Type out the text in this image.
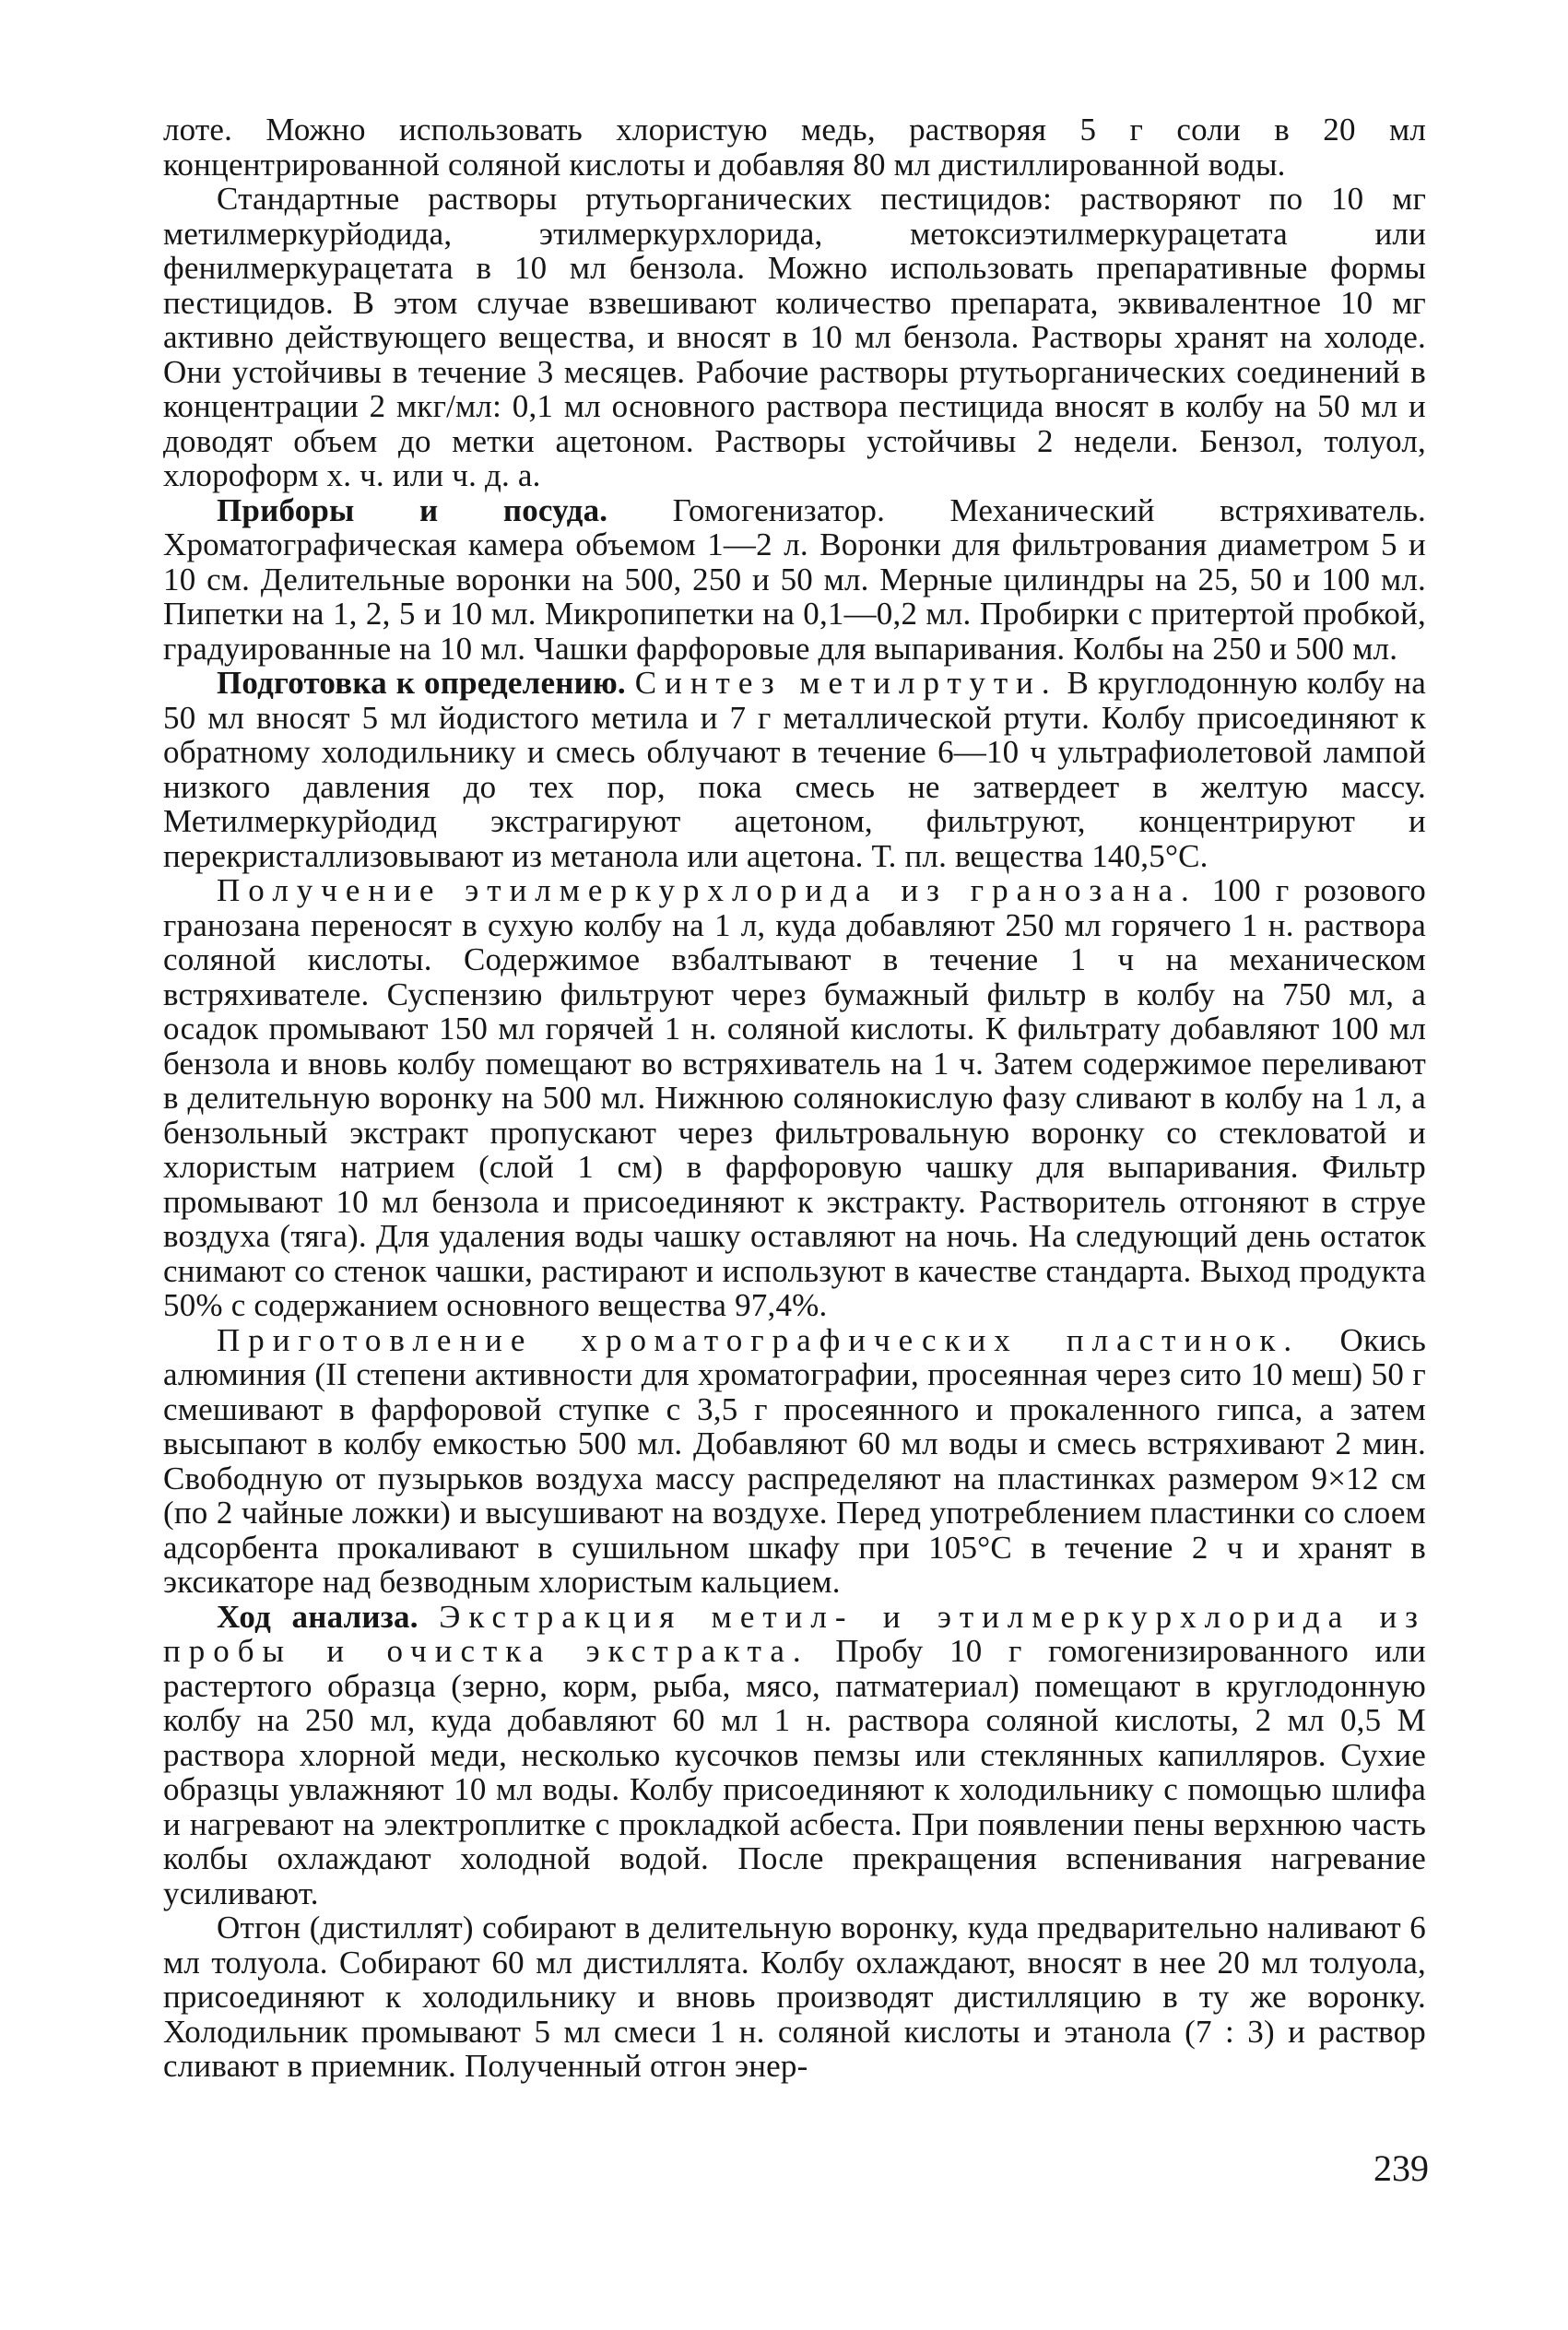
лоте. Можно использовать хлористую медь, растворяя 5 г соли в 20 мл концентрированной соляной кислоты и добавляя 80 мл дистиллированной воды.

Стандартные растворы ртутьорганических пестицидов: растворяют по 10 мг метилмеркурйодида, этилмеркурхлорида, метоксиэтилмеркурацетата или фенилмеркурацетата в 10 мл бензола. Можно использовать препаративные формы пестицидов. В этом случае взвешивают количество препарата, эквивалентное 10 мг активно действующего вещества, и вносят в 10 мл бензола. Растворы хранят на холоде. Они устойчивы в течение 3 месяцев. Рабочие растворы ртутьорганических соединений в концентрации 2 мкг/мл: 0,1 мл основного раствора пестицида вносят в колбу на 50 мл и доводят объем до метки ацетоном. Растворы устойчивы 2 недели. Бензол, толуол, хлороформ х. ч. или ч. д. а.

Приборы и посуда. Гомогенизатор. Механический встряхиватель. Хроматографическая камера объемом 1—2 л. Воронки для фильтрования диаметром 5 и 10 см. Делительные воронки на 500, 250 и 50 мл. Мерные цилиндры на 25, 50 и 100 мл. Пипетки на 1, 2, 5 и 10 мл. Микропипетки на 0,1—0,2 мл. Пробирки с притертой пробкой, градуированные на 10 мл. Чашки фарфоровые для выпаривания. Колбы на 250 и 500 мл.

Подготовка к определению. Синтез метилртути. В круглодонную колбу на 50 мл вносят 5 мл йодистого метила и 7 г металлической ртути. Колбу присоединяют к обратному холодильнику и смесь облучают в течение 6—10 ч ультрафиолетовой лампой низкого давления до тех пор, пока смесь не затвердеет в желтую массу. Метилмеркурйодид экстрагируют ацетоном, фильтруют, концентрируют и перекристаллизовывают из метанола или ацетона. Т. пл. вещества 140,5°С.

Получение этилмеркурхлорида из гранозана. 100 г розового гранозана переносят в сухую колбу на 1 л, куда добавляют 250 мл горячего 1 н. раствора соляной кислоты. Содержимое взбалтывают в течение 1 ч на механическом встряхивателе. Суспензию фильтруют через бумажный фильтр в колбу на 750 мл, а осадок промывают 150 мл горячей 1 н. соляной кислоты. К фильтрату добавляют 100 мл бензола и вновь колбу помещают во встряхиватель на 1 ч. Затем содержимое переливают в делительную воронку на 500 мл. Нижнюю солянокислую фазу сливают в колбу на 1 л, а бензольный экстракт пропускают через фильтровальную воронку со стекловатой и хлористым натрием (слой 1 см) в фарфоровую чашку для выпаривания. Фильтр промывают 10 мл бензола и присоединяют к экстракту. Растворитель отгоняют в струе воздуха (тяга). Для удаления воды чашку оставляют на ночь. На следующий день остаток снимают со стенок чашки, растирают и используют в качестве стандарта. Выход продукта 50% с содержанием основного вещества 97,4%.

Приготовление хроматографических пластинок. Окись алюминия (II степени активности для хроматографии, просеянная через сито 10 меш) 50 г смешивают в фарфоровой ступке с 3,5 г просеянного и прокаленного гипса, а затем высыпают в колбу емкостью 500 мл. Добавляют 60 мл воды и смесь встряхивают 2 мин. Свободную от пузырьков воздуха массу распределяют на пластинках размером 9×12 см (по 2 чайные ложки) и высушивают на воздухе. Перед употреблением пластинки со слоем адсорбента прокаливают в сушильном шкафу при 105°С в течение 2 ч и хранят в эксикаторе над безводным хлористым кальцием.

Ход анализа. Экстракция метил- и этилмеркурхлорида из пробы и очистка экстракта. Пробу 10 г гомогенизированного или растертого образца (зерно, корм, рыба, мясо, патматериал) помещают в круглодонную колбу на 250 мл, куда добавляют 60 мл 1 н. раствора соляной кислоты, 2 мл 0,5 М раствора хлорной меди, несколько кусочков пемзы или стеклянных капилляров. Сухие образцы увлажняют 10 мл воды. Колбу присоединяют к холодильнику с помощью шлифа и нагревают на электроплитке с прокладкой асбеста. При появлении пены верхнюю часть колбы охлаждают холодной водой. После прекращения вспенивания нагревание усиливают.

Отгон (дистиллят) собирают в делительную воронку, куда предварительно наливают 6 мл толуола. Собирают 60 мл дистиллята. Колбу охлаждают, вносят в нее 20 мл толуола, присоединяют к холодильнику и вновь производят дистилляцию в ту же воронку. Холодильник промывают 5 мл смеси 1 н. соляной кислоты и этанола (7 : 3) и раствор сливают в приемник. Полученный отгон энер-

239
